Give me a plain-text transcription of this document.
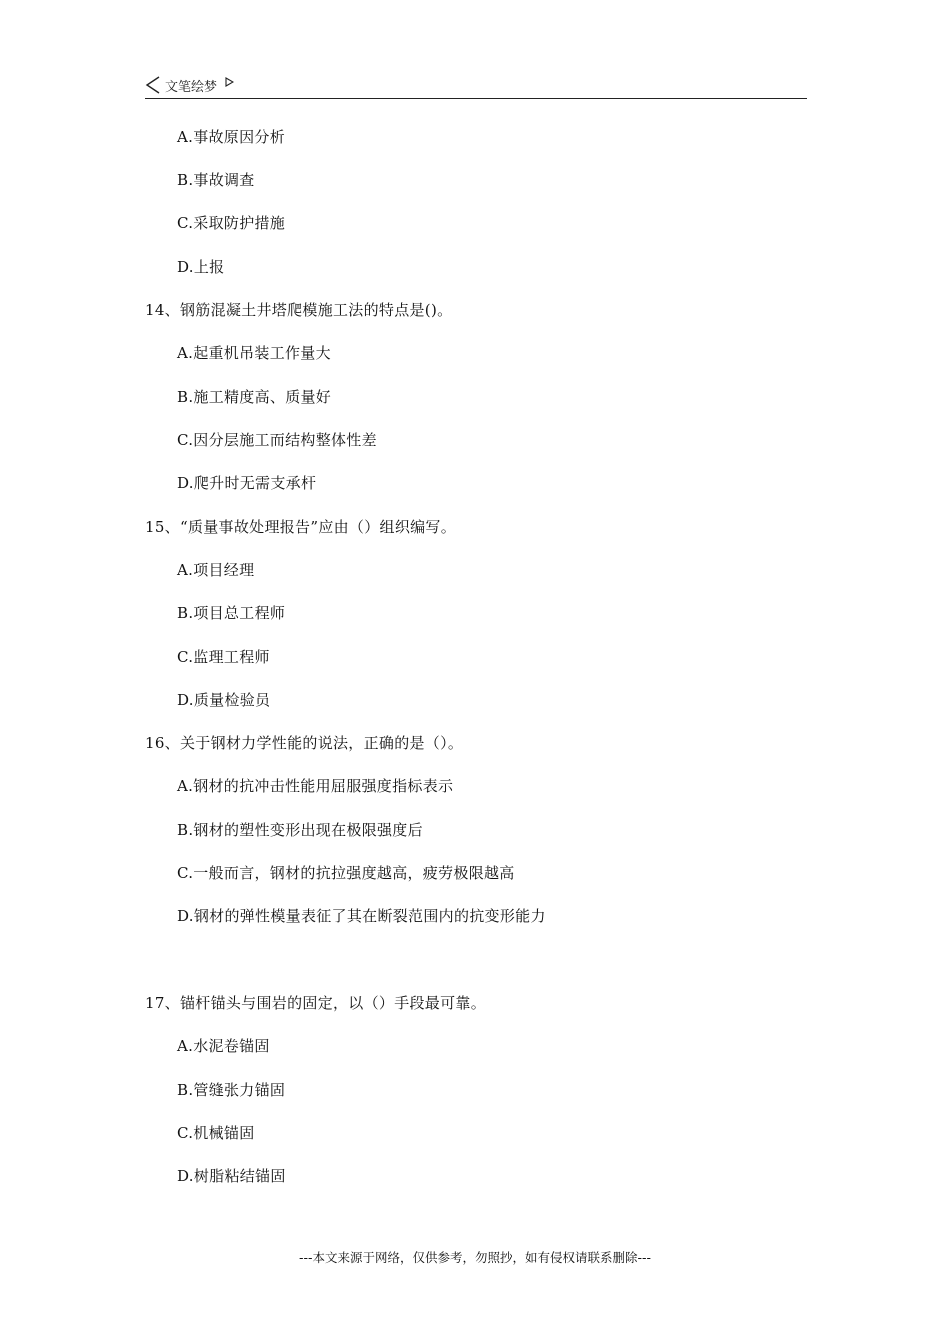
文笔绘梦
A.事故原因分析
B.事故调查
C.采取防护措施
D.上报
14、钢筋混凝土井塔爬模施工法的特点是()。
A.起重机吊装工作量大
B.施工精度高、质量好
C.因分层施工而结构整体性差
D.爬升时无需支承杆
15、“质量事故处理报告”应由（）组织编写。
A.项目经理
B.项目总工程师
C.监理工程师
D.质量检验员
16、关于钢材力学性能的说法，正确的是（）。
A.钢材的抗冲击性能用屈服强度指标表示
B.钢材的塑性变形出现在极限强度后
C.一般而言，钢材的抗拉强度越高，疲劳极限越高
D.钢材的弹性模量表征了其在断裂范围内的抗变形能力
17、锚杆锚头与围岩的固定，以（）手段最可靠。
A.水泥卷锚固
B.管缝张力锚固
C.机械锚固
D.树脂粘结锚固
---本文来源于网络，仅供参考，勿照抄，如有侵权请联系删除---
